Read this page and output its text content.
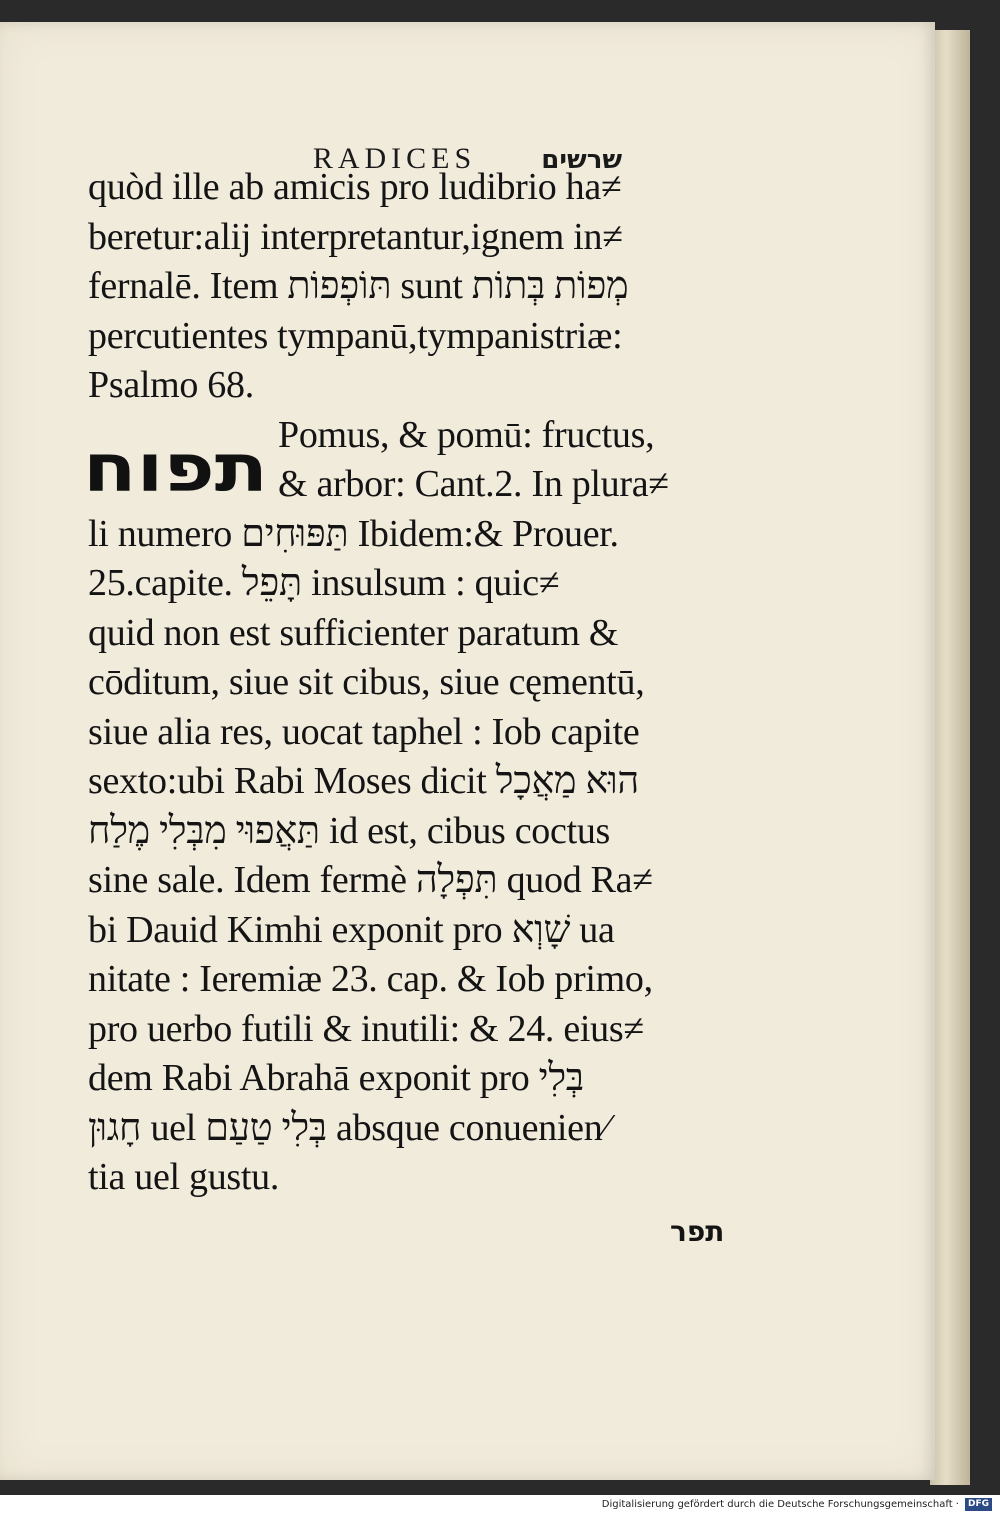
RADICES	שרשים
תפוח
quòd ille ab amicis pro ludibrio ha≠
beretur:alij interpretantur,ignem in≠
fernalē. Item תּוֹפְפוֹת sunt מְפוֹת בְּתוֹת
percutientes tympanū,tympanistriæ:
Psalmo 68.
Pomus, & pomū: fructus,
& arbor: Cant.2. In plura≠
li numero תַּפּוּחִים Ibidem:& Prouer.
25.capite. תָּפֵל insulsum : quic≠
quid non est sufficienter paratum &
cōditum, siue sit cibus, siue cęmentū,
siue alia res, uocat taphel : Iob capite
sexto:ubi Rabi Moses dicit הוּא מַאֲכָל
תַּאֲפוּי מִבְּלִי מֶלַח id est, cibus coctus
sine sale. Idem fermè תִּפְלָה quod Ra≠
bi Dauid Kimhi exponit pro שָׁוְא ua
nitate : Ieremiæ 23. cap. & Iob primo,
pro uerbo futili & inutili: & 24. eius≠
dem Rabi Abrahā exponit pro בְּלִי
חָגוּן uel בְּלִי טַעַם absque conuenien⁄
tia uel gustu.
תפר
Digitalisierung gefördert durch die Deutsche Forschungsgemeinschaft · DFG
